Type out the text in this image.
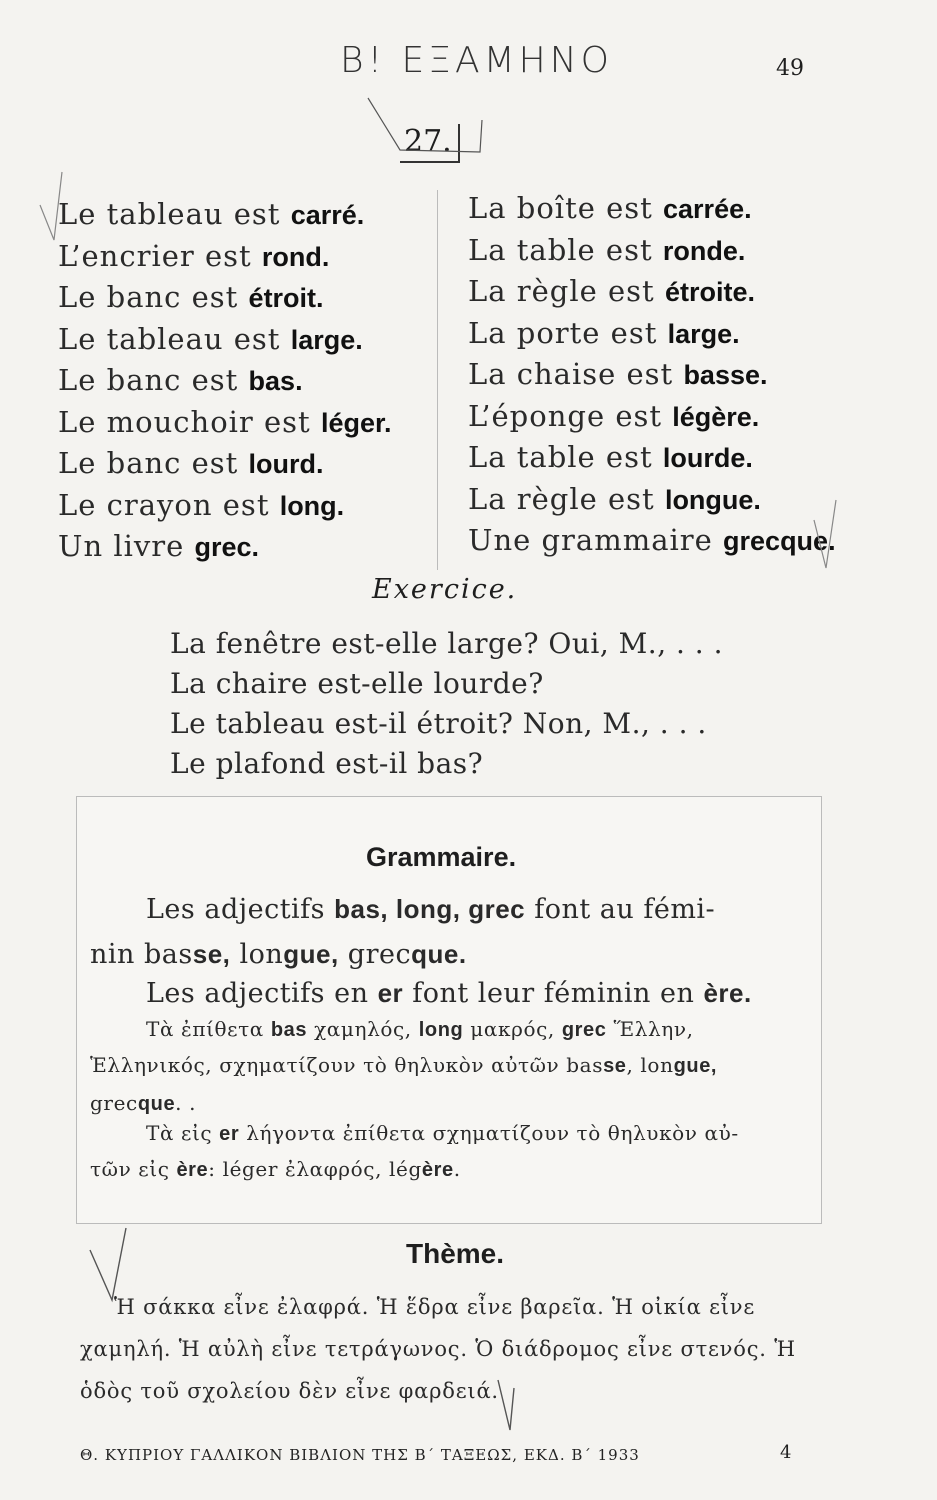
Β! ΕΞΑΜΗΝΟ	49
27.
Le tableau est carré.
L’encrier est rond.
Le banc est étroit.
Le tableau est large.
Le banc est bas.
Le mouchoir est léger.
Le banc est lourd.
Le crayon est long.
Un livre grec.
La boîte est carrée.
La table est ronde.
La règle est étroite.
La porte est large.
La chaise est basse.
L’éponge est légère.
La table est lourde.
La règle est longue.
Une grammaire grecque.
Exercice.
La fenêtre est-elle large? Oui, M., . . .
La chaire est-elle lourde?
Le tableau est-il étroit? Non, M., . . .
Le plafond est-il bas?
Grammaire.
Les adjectifs bas, long, grec font au fémi-
nin basse, longue, grecque.
Les adjectifs en er font leur féminin en ère.
Τὰ ἐπίθετα bas χαμηλός, long μακρός, grec Ἕλλην,
Ἑλληνικός, σχηματίζουν τὸ θηλυκὸν αὐτῶν basse, longue,
grecque. .
Τὰ εἰς er λήγοντα ἐπίθετα σχηματίζουν τὸ θηλυκὸν αὐ-
τῶν εἰς ère: léger ἐλαφρός, légère.
Thème.
Ἡ σάκκα εἶνε ἐλαφρά. Ἡ ἕδρα εἶνε βαρεῖα. Ἡ οἰκία εἶνε
χαμηλή. Ἡ αὐλὴ εἶνε τετράγωνος. Ὁ διάδρομος εἶνε στενός. Ἡ
ὁδὸς τοῦ σχολείου δὲν εἶνε φαρδειά.
Θ. ΚΥΠΡΙΟΥ ΓΑΛΛΙΚΟΝ ΒΙΒΛΙΟΝ ΤΗΣ Β΄ ΤΑΞΕΩΣ, ΕΚΔ. Β΄ 1933	4
